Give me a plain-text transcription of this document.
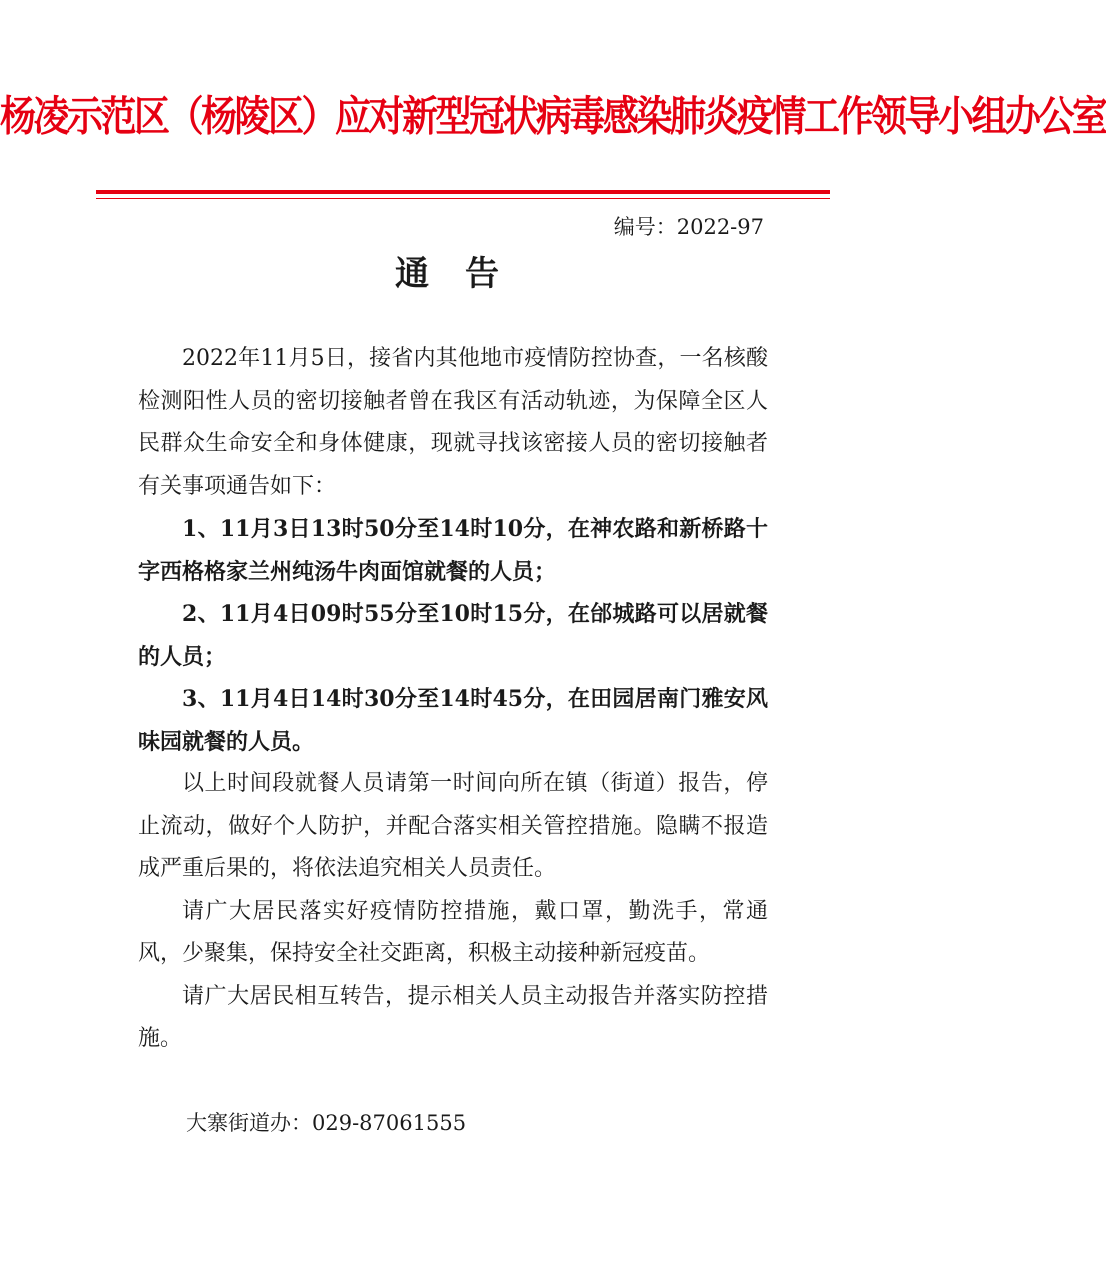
杨凌示范区（杨陵区）应对新型冠状病毒感染肺炎疫情工作领导小组办公室
编号：2022-97
通 告

2022年11月5日，接省内其他地市疫情防控协查，一名核酸检测阳性人员的密切接触者曾在我区有活动轨迹，为保障全区人民群众生命安全和身体健康，现就寻找该密接人员的密切接触者有关事项通告如下：

1、11月3日13时50分至14时10分，在神农路和新桥路十字西格格家兰州纯汤牛肉面馆就餐的人员；

2、11月4日09时55分至10时15分，在邰城路可以居就餐的人员；

3、11月4日14时30分至14时45分，在田园居南门雅安风味园就餐的人员。

以上时间段就餐人员请第一时间向所在镇（街道）报告，停止流动，做好个人防护，并配合落实相关管控措施。隐瞒不报造成严重后果的，将依法追究相关人员责任。

请广大居民落实好疫情防控措施，戴口罩，勤洗手，常通风，少聚集，保持安全社交距离，积极主动接种新冠疫苗。

请广大居民相互转告，提示相关人员主动报告并落实防控措施。

大寨街道办：029-87061555
